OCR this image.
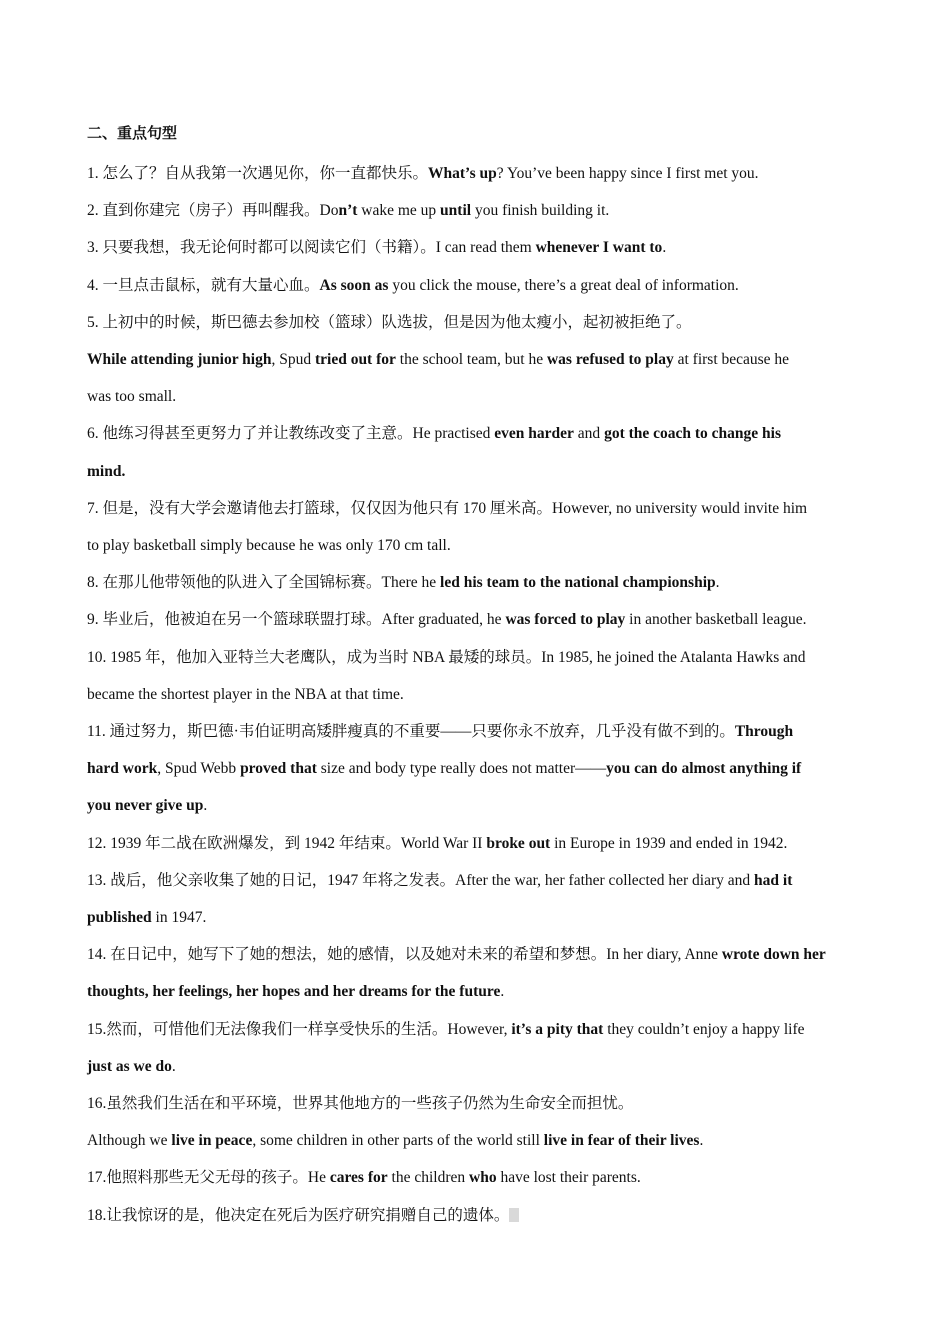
二、重点句型
1. 怎么了？自从我第一次遇见你，你一直都快乐。What’s up? You’ve been happy since I first met you.
2. 直到你建完（房子）再叫醒我。Don’t wake me up until you finish building it.
3. 只要我想，我无论何时都可以阅读它们（书籍）。I can read them whenever I want to.
4. 一旦点击鼠标，就有大量心血。As soon as you click the mouse, there’s a great deal of information.
5. 上初中的时候，斯巴德去参加校（篮球）队选拔，但是因为他太瘦小，起初被拒绝了。
While attending junior high, Spud tried out for the school team, but he was refused to play at first because he
was too small.
6. 他练习得甚至更努力了并让教练改变了主意。He practised even harder and got the coach to change his
mind.
7. 但是，没有大学会邀请他去打篮球，仅仅因为他只有 170 厘米高。However, no university would invite him
to play basketball simply because he was only 170 cm tall.
8. 在那儿他带领他的队进入了全国锦标赛。There he led his team to the national championship.
9. 毕业后，他被迫在另一个篮球联盟打球。After graduated, he was forced to play in another basketball league.
10. 1985 年，他加入亚特兰大老鹰队，成为当时 NBA 最矮的球员。In 1985, he joined the Atalanta Hawks and
became the shortest player in the NBA at that time.
11. 通过努力，斯巴德·韦伯证明高矮胖瘦真的不重要——只要你永不放弃，几乎没有做不到的。Through
hard work, Spud Webb proved that size and body type really does not matter——you can do almost anything if
you never give up.
12. 1939 年二战在欧洲爆发，到 1942 年结束。World War II broke out in Europe in 1939 and ended in 1942.
13. 战后，他父亲收集了她的日记，1947 年将之发表。After the war, her father collected her diary and had it
published in 1947.
14. 在日记中，她写下了她的想法，她的感情，以及她对未来的希望和梦想。In her diary, Anne wrote down her
thoughts, her feelings, her hopes and her dreams for the future.
15.然而，可惜他们无法像我们一样享受快乐的生活。However, it’s a pity that they couldn’t enjoy a happy life
just as we do.
16.虽然我们生活在和平环境，世界其他地方的一些孩子仍然为生命安全而担忧。
Although we live in peace, some children in other parts of the world still live in fear of their lives.
17.他照料那些无父无母的孩子。He cares for the children who have lost their parents.
18.让我惊讶的是，他决定在死后为医疗研究捐赠自己的遗体。
